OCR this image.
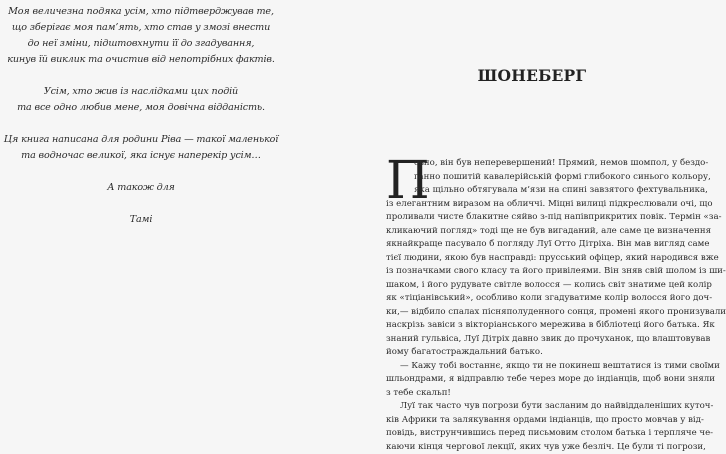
Моя величезна подяка усім, хто підтверджував те,
що зберігає моя пам’ять, хто став у змозі внести
до неї зміни, підштовхнути її до згадування,
кинув їй виклик та очистив від непотрібних фактів.
Усім, хто жив із наслідками цих подій
та все одно любив мене, моя довічна відданість.
Ця книга написана для родини Ріва — такої маленької
та водночас великої, яка існує наперекір усім…
А також для
Тамі
ШОНЕБЕРГ
П
евно, він був неперевершений! Прямий, немов шомпол, у бездо-
ганно пошитій кавалерійській формі глибокого синього кольору,
яка щільно обтягувала м’язи на спині завзятого фехтувальника,
із елегантним виразом на обличчі. Міцні вилиці підкреслювали очі, що
проливали чисте блакитне сяйво з-під напівприкритих повік. Термін «за-
кликаючий погляд» тоді ще не був вигаданий, але саме це визначення
якнайкраще пасувало б погляду Луї Отто Дітріха. Він мав вигляд саме
тієї людини, якою був насправді: прусський офіцер, який народився вже
із позначками свого класу та його привілеями. Він зняв свій шолом із ши-
шаком, і його рудувате світле волосся — колись світ знатиме цей колір
як «тіціанівський», особливо коли згадуватиме колір волосся його доч-
ки,— відбило спалах пісняполуденного сонця, промені якого пронизували
наскрізь завіси з вікторіанського мереживa в бібліотеці його батька. Як
знаний гульвіса, Луї Дітріх давно звик до прочуханок, що влаштовував
йому багатостраждальний батько.
— Кажу тобі востаннє, якщо ти не покинеш вештатися із тими своїми
шльондрами, я відправлю тебе через море до індіанців, щоб вони зняли
з тебе скальп!
Луї так часто чув погрози бути засланим до найвіддаленіших куточ-
ків Африки та залякування ордами індіанців, що просто мовчав у від-
повідь, виструнчившись перед письмовим столом батька і терпляче че-
каючи кінця чергової лекції, яких чув уже безліч. Це були ті погрози,
